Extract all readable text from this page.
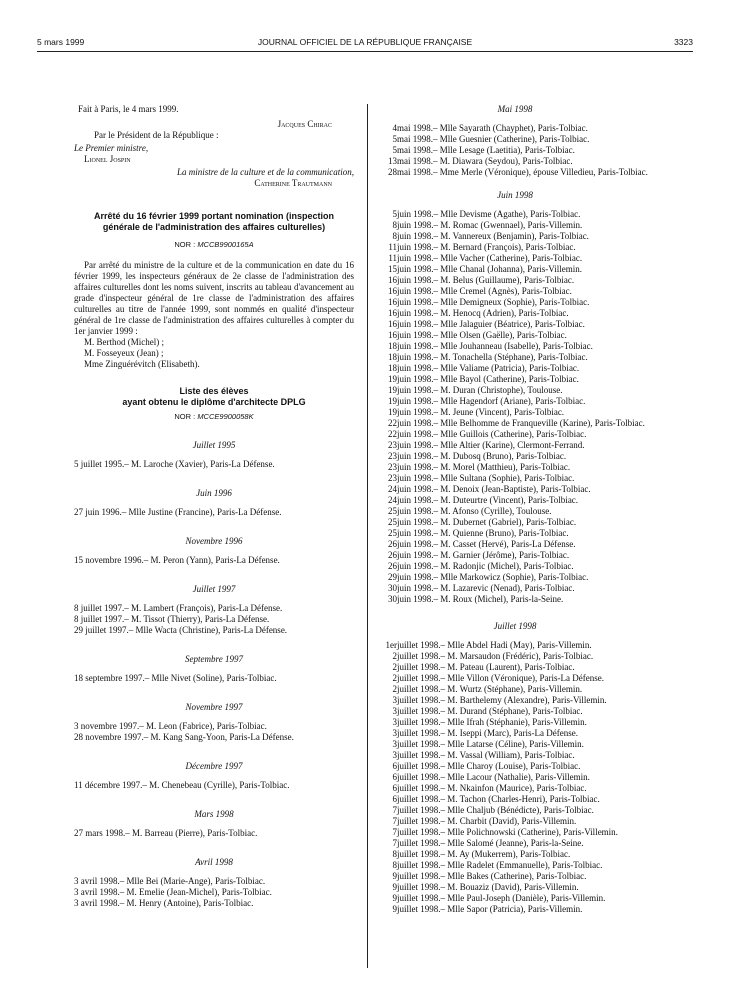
5 mars 1999	JOURNAL OFFICIEL DE LA RÉPUBLIQUE FRANÇAISE	3323

Fait à Paris, le 4 mars 1999.

Jacques Chirac

Par le Président de la République :

Le Premier ministre,

Lionel Jospin

La ministre de la culture et de la communication,

Catherine Trautmann

Arrêté du 16 février 1999 portant nomination (inspection générale de l'administration des affaires culturelles)

NOR : MCCB9900165A

Par arrêté du ministre de la culture et de la communication en date du 16 février 1999, les inspecteurs généraux de 2e classe de l'administration des affaires culturelles dont les noms suivent, inscrits au tableau d'avancement au grade d'inspecteur général de 1re classe de l'administration des affaires culturelles au titre de l'année 1999, sont nommés en qualité d'inspecteur général de 1re classe de l'administration des affaires culturelles à compter du 1er janvier 1999 :

M. Berthod (Michel) ;

M. Fosseyeux (Jean) ;

Mme Zinguérévitch (Elisabeth).

Liste des élèves

ayant obtenu le diplôme d'architecte DPLG

NOR : MCCE9900058K

Juillet 1995

5 juillet 1995. – M. Laroche (Xavier), Paris-La Défense.

Juin 1996

27 juin 1996. – Mlle Justine (Francine), Paris-La Défense.

Novembre 1996

15 novembre 1996. – M. Peron (Yann), Paris-La Défense.

Juillet 1997

8 juillet 1997. – M. Lambert (François), Paris-La Défense.
8 juillet 1997. – M. Tissot (Thierry), Paris-La Défense.
29 juillet 1997. – Mlle Wacta (Christine), Paris-La Défense.

Septembre 1997

18 septembre 1997. – Mlle Nivet (Soline), Paris-Tolbiac.

Novembre 1997

3 novembre 1997. – M. Leon (Fabrice), Paris-Tolbiac.
28 novembre 1997. – M. Kang Sang-Yoon, Paris-La Défense.

Décembre 1997

11 décembre 1997. – M. Chenebeau (Cyrille), Paris-Tolbiac.

Mars 1998

27 mars 1998. – M. Barreau (Pierre), Paris-Tolbiac.

Avril 1998

3 avril 1998. – Mlle Bei (Marie-Ange), Paris-Tolbiac.
3 avril 1998. – M. Emelie (Jean-Michel), Paris-Tolbiac.
3 avril 1998. – M. Henry (Antoine), Paris-Tolbiac.

Mai 1998

4 mai 1998. – Mlle Sayarath (Chayphet), Paris-Tolbiac.
5 mai 1998. – Mlle Guesnier (Catherine), Paris-Tolbiac.
5 mai 1998. – Mlle Lesage (Laetitia), Paris-Tolbiac.
13 mai 1998. – M. Diawara (Seydou), Paris-Tolbiac.
28 mai 1998. – Mme Merle (Véronique), épouse Villedieu, Paris-Tolbiac.

Juin 1998

5 juin 1998. – Mlle Devisme (Agathe), Paris-Tolbiac.
8 juin 1998. – M. Romac (Gwennael), Paris-Villemin.
8 juin 1998. – M. Vannereux (Benjamin), Paris-Tolbiac.
11 juin 1998. – M. Bernard (François), Paris-Tolbiac.
11 juin 1998. – Mlle Vacher (Catherine), Paris-Tolbiac.
15 juin 1998. – Mlle Chanal (Johanna), Paris-Villemin.
16 juin 1998. – M. Belus (Guillaume), Paris-Tolbiac.
16 juin 1998. – Mlle Cremel (Agnès), Paris-Tolbiac.
16 juin 1998. – Mlle Demigneux (Sophie), Paris-Tolbiac.
16 juin 1998. – M. Henocq (Adrien), Paris-Tolbiac.
16 juin 1998. – Mlle Jalaguier (Béatrice), Paris-Tolbiac.
16 juin 1998. – Mlle Olsen (Gaëlle), Paris-Tolbiac.
18 juin 1998. – Mlle Jouhanneau (Isabelle), Paris-Tolbiac.
18 juin 1998. – M. Tonachella (Stéphane), Paris-Tolbiac.
18 juin 1998. – Mlle Valiame (Patricia), Paris-Tolbiac.
19 juin 1998. – Mlle Bayol (Catherine), Paris-Tolbiac.
19 juin 1998. – M. Duran (Christophe), Toulouse.
19 juin 1998. – Mlle Hagendorf (Ariane), Paris-Tolbiac.
19 juin 1998. – M. Jeune (Vincent), Paris-Tolbiac.
22 juin 1998. – Mlle Belhomme de Franqueville (Karine), Paris-Tolbiac.
22 juin 1998. – Mlle Guillois (Catherine), Paris-Tolbiac.
23 juin 1998. – Mlle Altier (Karine), Clermont-Ferrand.
23 juin 1998. – M. Dubosq (Bruno), Paris-Tolbiac.
23 juin 1998. – M. Morel (Matthieu), Paris-Tolbiac.
23 juin 1998. – Mlle Sultana (Sophie), Paris-Tolbiac.
24 juin 1998. – M. Denoix (Jean-Baptiste), Paris-Tolbiac.
24 juin 1998. – M. Duteurtre (Vincent), Paris-Tolbiac.
25 juin 1998. – M. Afonso (Cyrille), Toulouse.
25 juin 1998. – M. Dubernet (Gabriel), Paris-Tolbiac.
25 juin 1998. – M. Quienne (Bruno), Paris-Tolbiac.
26 juin 1998. – M. Casset (Hervé), Paris-La Défense.
26 juin 1998. – M. Garnier (Jérôme), Paris-Tolbiac.
26 juin 1998. – M. Radonjic (Michel), Paris-Tolbiac.
29 juin 1998. – Mlle Markowicz (Sophie), Paris-Tolbiac.
30 juin 1998. – M. Lazarevic (Nenad), Paris-Tolbiac.
30 juin 1998. – M. Roux (Michel), Paris-la-Seine.

Juillet 1998

1er juillet 1998. – Mlle Abdel Hadi (May), Paris-Villemin.
2 juillet 1998. – M. Marsaudon (Frédéric), Paris-Tolbiac.
2 juillet 1998. – M. Pateau (Laurent), Paris-Tolbiac.
2 juillet 1998. – Mlle Villon (Véronique), Paris-La Défense.
2 juillet 1998. – M. Wurtz (Stéphane), Paris-Villemin.
3 juillet 1998. – M. Barthelemy (Alexandre), Paris-Villemin.
3 juillet 1998. – M. Durand (Stéphane), Paris-Tolbiac.
3 juillet 1998. – Mlle Ifrah (Stéphanie), Paris-Villemin.
3 juillet 1998. – M. Iseppi (Marc), Paris-La Défense.
3 juillet 1998. – Mlle Latarse (Céline), Paris-Villemin.
3 juillet 1998. – M. Vassal (William), Paris-Tolbiac.
6 juillet 1998. – Mlle Charoy (Louise), Paris-Tolbiac.
6 juillet 1998. – Mlle Lacour (Nathalie), Paris-Villemin.
6 juillet 1998. – M. Nkainfon (Maurice), Paris-Tolbiac.
6 juillet 1998. – M. Tachon (Charles-Henri), Paris-Tolbiac.
7 juillet 1998. – Mlle Chaljub (Bénédicte), Paris-Tolbiac.
7 juillet 1998. – M. Charbit (David), Paris-Villemin.
7 juillet 1998. – Mlle Polichnowski (Catherine), Paris-Villemin.
7 juillet 1998. – Mlle Salomé (Jeanne), Paris-la-Seine.
8 juillet 1998. – M. Ay (Mukerrem), Paris-Tolbiac.
8 juillet 1998. – Mlle Radelet (Emmanuelle), Paris-Tolbiac.
9 juillet 1998. – Mlle Bakes (Catherine), Paris-Tolbiac.
9 juillet 1998. – M. Bouaziz (David), Paris-Villemin.
9 juillet 1998. – Mlle Paul-Joseph (Danièle), Paris-Villemin.
9 juillet 1998. – Mlle Sapor (Patricia), Paris-Villemin.
